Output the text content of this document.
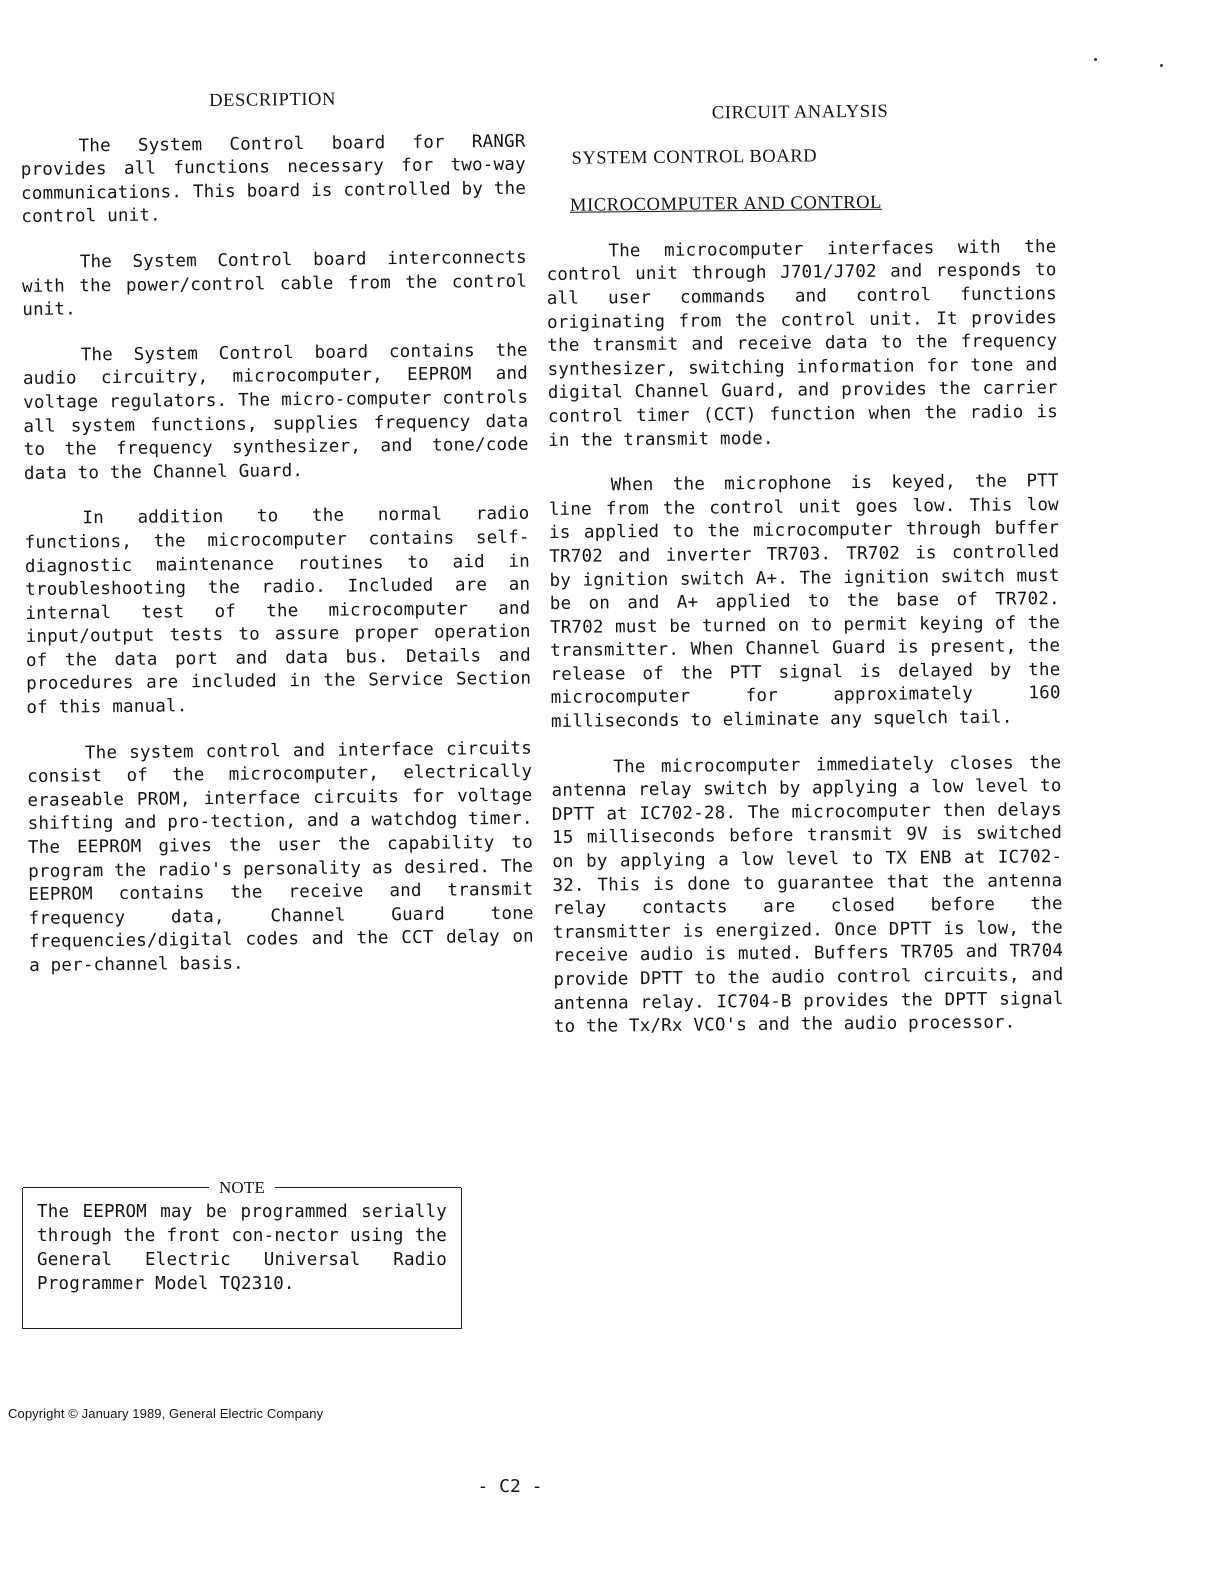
DESCRIPTION

The System Control board for RANGR provides all functions necessary for two-way communications. This board is controlled by the control unit.

The System Control board interconnects with the power/control cable from the control unit.

The System Control board contains the audio circuitry, microcomputer, EEPROM and voltage regulators. The micro-computer controls all system functions, supplies frequency data to the frequency synthesizer, and tone/code data to the Channel Guard.

In addition to the normal radio functions, the microcomputer contains self-diagnostic maintenance routines to aid in troubleshooting the radio. Included are an internal test of the microcomputer and input/output tests to assure proper operation of the data port and data bus. Details and procedures are included in the Service Section of this manual.

The system control and interface circuits consist of the microcomputer, electrically eraseable PROM, interface circuits for voltage shifting and pro-tection, and a watchdog timer. The EEPROM gives the user the capability to program the radio's personality as desired. The EEPROM contains the receive and transmit frequency data, Channel Guard tone frequencies/digital codes and the CCT delay on a per-channel basis.

NOTE
The EEPROM may be programmed serially through the front con-nector using the General Electric Universal Radio Programmer Model TQ2310.
CIRCUIT ANALYSIS
SYSTEM CONTROL BOARD
MICROCOMPUTER AND CONTROL

The microcomputer interfaces with the control unit through J701/J702 and responds to all user commands and control functions originating from the control unit. It provides the transmit and receive data to the frequency synthesizer, switching information for tone and digital Channel Guard, and provides the carrier control timer (CCT) function when the radio is in the transmit mode.

When the microphone is keyed, the PTT line from the control unit goes low. This low is applied to the microcomputer through buffer TR702 and inverter TR703. TR702 is controlled by ignition switch A+. The ignition switch must be on and A+ applied to the base of TR702. TR702 must be turned on to permit keying of the transmitter. When Channel Guard is present, the release of the PTT signal is delayed by the microcomputer for approximately 160 milliseconds to eliminate any squelch tail.

The microcomputer immediately closes the antenna relay switch by applying a low level to DPTT at IC702-28. The microcomputer then delays 15 milliseconds before transmit 9V is switched on by applying a low level to TX ENB at IC702-32. This is done to guarantee that the antenna relay contacts are closed before the transmitter is energized. Once DPTT is low, the receive audio is muted. Buffers TR705 and TR704 provide DPTT to the audio control circuits, and antenna relay. IC704-B provides the DPTT signal to the Tx/Rx VCO's and the audio processor.

Copyright © January 1989, General Electric Company
- C2 -
